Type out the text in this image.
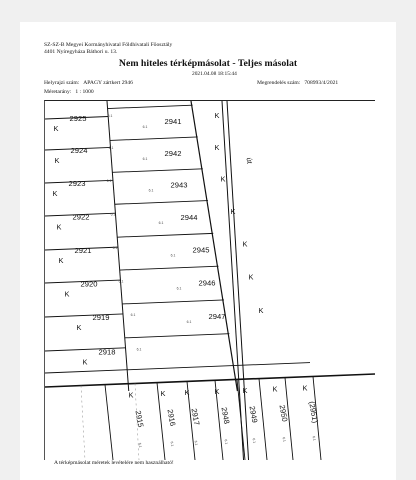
SZ-SZ-B Megyei Kormányhivatal Földhivatali Főosztály
4401 Nyíregyháza Báthori u. 13.
Nem hiteles térképmásolat - Teljes másolat
2021.04.08 18:15:44
Helyrajzi szám: APAGY zártkert 2946	Megrendelés szám: 708993/4/2021
Méretarány: 1 : 1000
2925
K
6.1
2924
K
6.1
2923
K
6.1
2922
K
6.1
2921
K
6.1
2920
K
6.1
2919
K
6.1
2918
K
6.1
2941
K
6.1
2942
K
6.1
2943
K
6.1
2944
K
6.1
2945
K
6.1
2946
K
6.1
2947
K
6.1
2915
K
6.1
2916
K
6.1
2917
K
6.1
2948
K
6.1
2949
K
6.1
2950
K
6.1
(2951)
K
6.1
út
A térképmásolat méretek levételére nem használható!
